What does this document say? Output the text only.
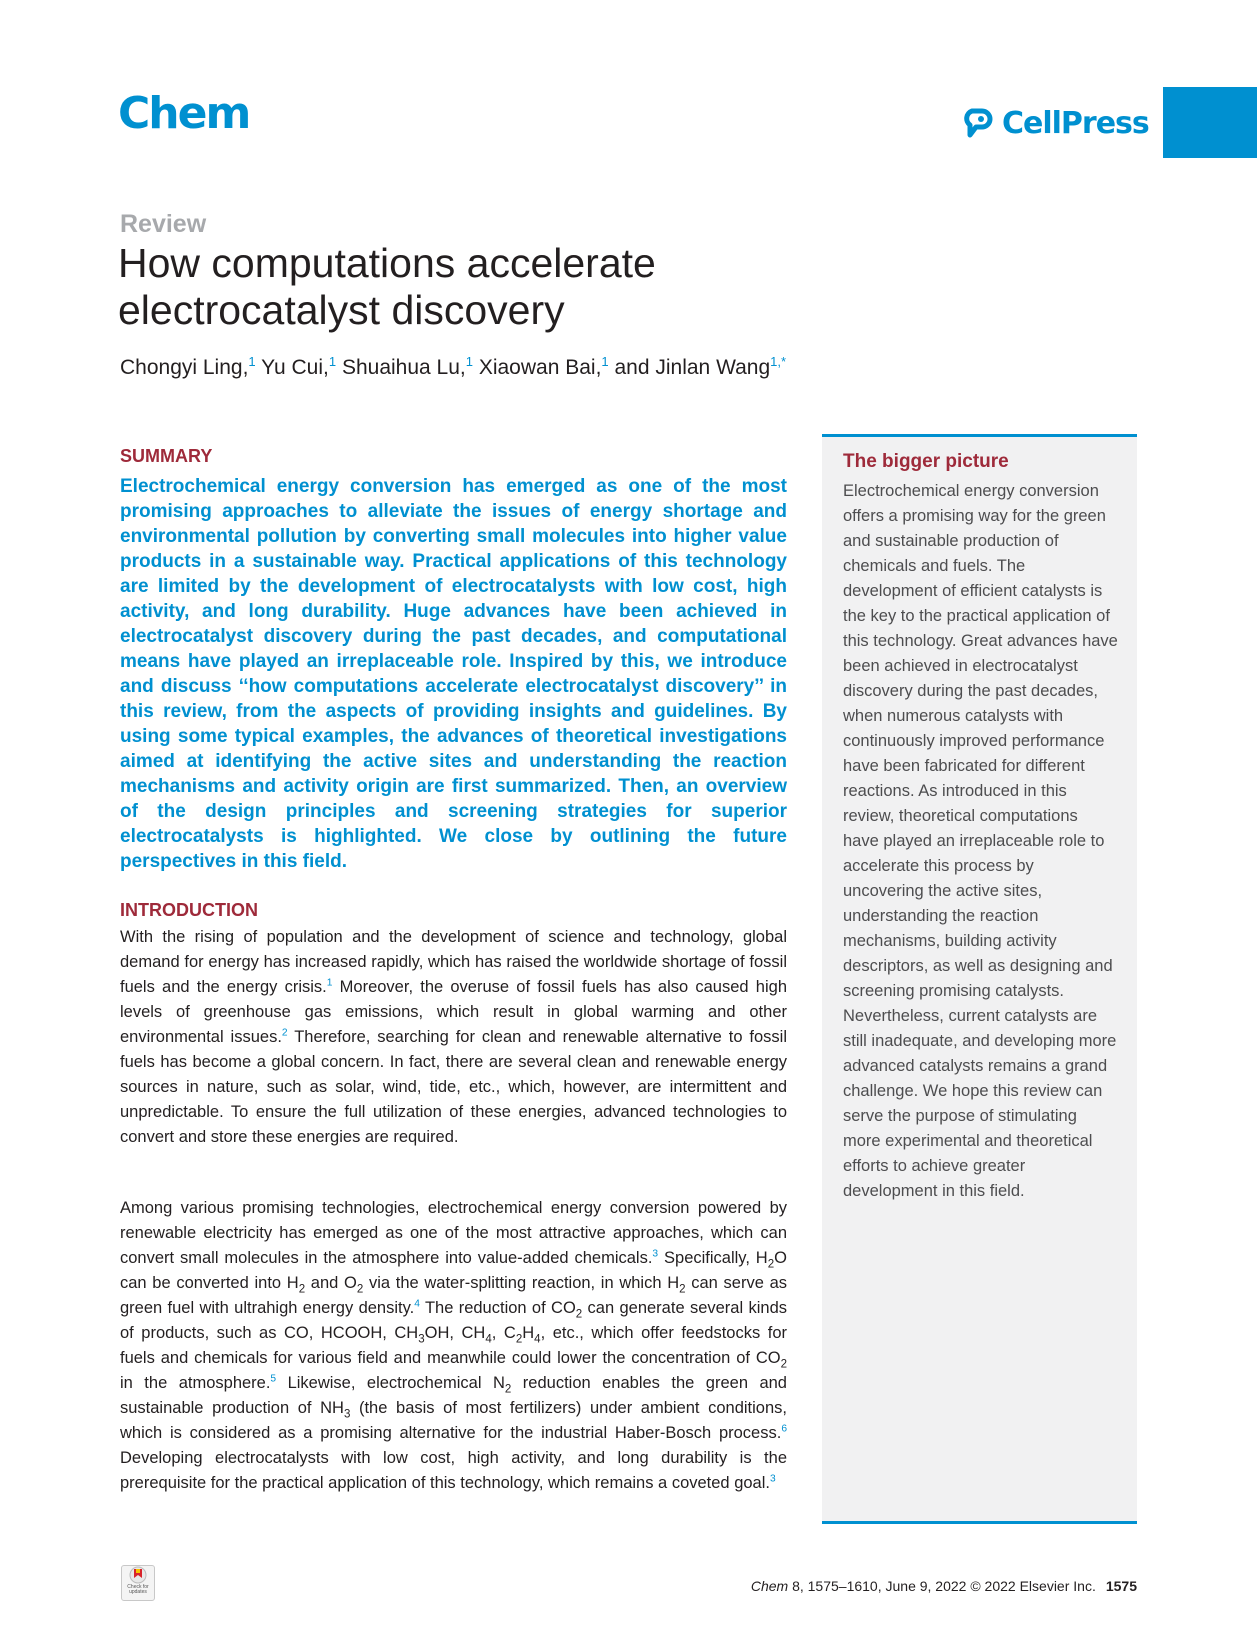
Chem	CellPress
Review
How computations accelerate
electrocatalyst discovery
Chongyi Ling,$^1$ Yu Cui,$^1$ Shuaihua Lu,$^1$ Xiaowan Bai,$^1$ and Jinlan Wang$^{1,*}$
SUMMARY

Electrochemical energy conversion has emerged as one of the most promising approaches to alleviate the issues of energy shortage and environmental pollution by converting small molecules into higher value products in a sustainable way. Practical applications of this technology are limited by the development of electrocatalysts with low cost, high activity, and long durability. Huge advances have been achieved in electrocatalyst discovery during the past decades, and computational means have played an irreplaceable role. Inspired by this, we introduce and discuss ‘‘how computations accelerate electrocatalyst discovery’’ in this review, from the aspects of providing insights and guidelines. By using some typical examples, the advances of theoretical investigations aimed at identifying the active sites and understanding the reaction mechanisms and activity origin are first summarized. Then, an overview of the design principles and screening strategies for superior electrocatalysts is highlighted. We close by outlining the future perspectives in this field.

INTRODUCTION

With the rising of population and the development of science and technology, global demand for energy has increased rapidly, which has raised the worldwide shortage of fossil fuels and the energy crisis.$^1$ Moreover, the overuse of fossil fuels has also caused high levels of greenhouse gas emissions, which result in global warming and other environmental issues.$^2$ Therefore, searching for clean and renewable alternative to fossil fuels has become a global concern. In fact, there are several clean and renewable energy sources in nature, such as solar, wind, tide, etc., which, however, are intermittent and unpredictable. To ensure the full utilization of these energies, advanced technologies to convert and store these energies are required.

Among various promising technologies, electrochemical energy conversion powered by renewable electricity has emerged as one of the most attractive approaches, which can convert small molecules in the atmosphere into value-added chemicals.$^3$ Specifically, $H_2O$ can be converted into $H_2$ and $O_2$ via the water-splitting reaction, in which $H_2$ can serve as green fuel with ultrahigh energy density.$^4$ The reduction of $CO_2$ can generate several kinds of products, such as CO, HCOOH, $CH_3OH$, $CH_4$, $C_2H_4$, etc., which offer feedstocks for fuels and chemicals for various field and meanwhile could lower the concentration of $CO_2$ in the atmosphere.$^5$ Likewise, electrochemical $N_2$ reduction enables the green and sustainable production of $NH_3$ (the basis of most fertilizers) under ambient conditions, which is considered as a promising alternative for the industrial Haber-Bosch process.$^6$ Developing electrocatalysts with low cost, high activity, and long durability is the prerequisite for the practical application of this technology, which remains a coveted goal.$^3$

The bigger picture

Electrochemical energy conversion offers a promising way for the green and sustainable production of chemicals and fuels. The development of efficient catalysts is the key to the practical application of this technology. Great advances have been achieved in electrocatalyst discovery during the past decades, when numerous catalysts with continuously improved performance have been fabricated for different reactions. As introduced in this review, theoretical computations have played an irreplaceable role to accelerate this process by uncovering the active sites, understanding the reaction mechanisms, building activity descriptors, as well as designing and screening promising catalysts. Nevertheless, current catalysts are still inadequate, and developing more advanced catalysts remains a grand challenge. We hope this review can serve the purpose of stimulating more experimental and theoretical efforts to achieve greater development in this field.

Check for updates	Chem 8, 1575–1610, June 9, 2022 © 2022 Elsevier Inc. 1575
